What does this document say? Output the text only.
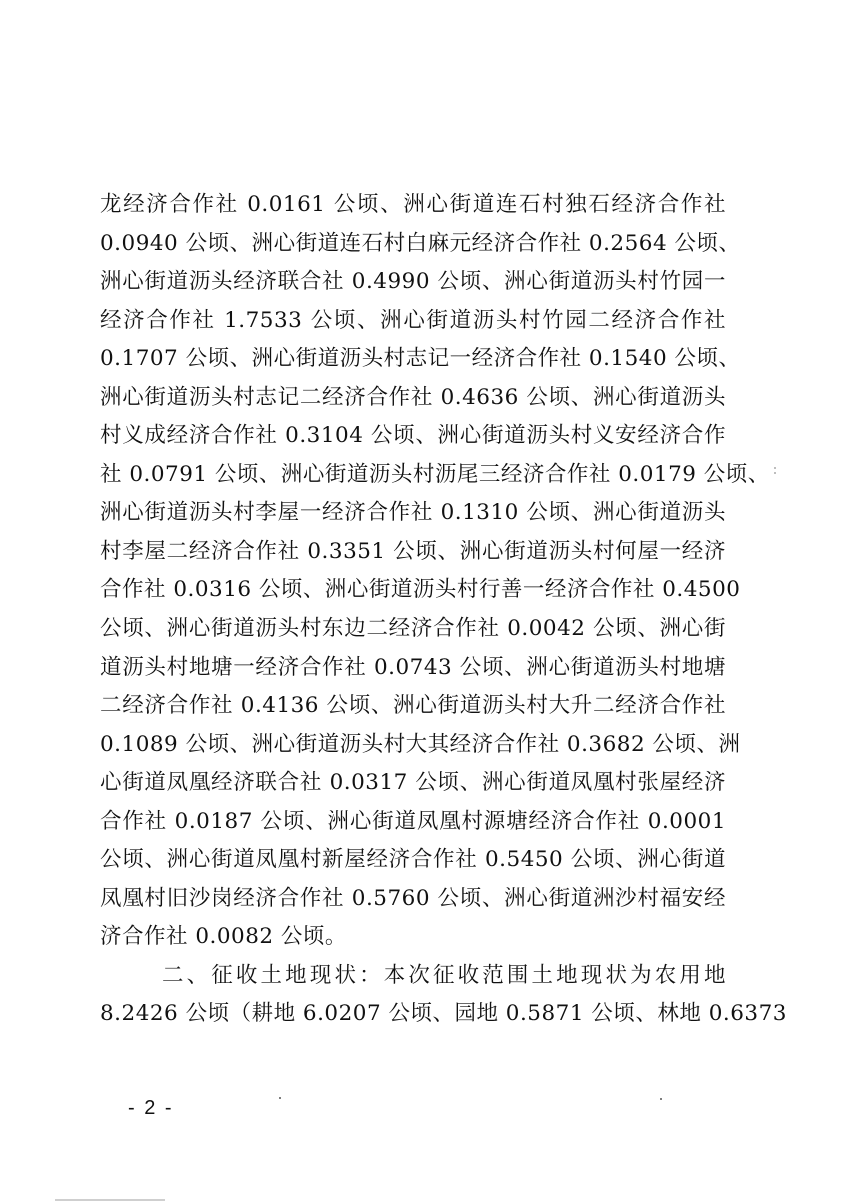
龙经济合作社 0.0161 公顷、洲心街道连石村独石经济合作社
0.0940 公顷、洲心街道连石村白麻元经济合作社 0.2564 公顷、
洲心街道沥头经济联合社 0.4990 公顷、洲心街道沥头村竹园一
经济合作社 1.7533 公顷、洲心街道沥头村竹园二经济合作社
0.1707 公顷、洲心街道沥头村志记一经济合作社 0.1540 公顷、
洲心街道沥头村志记二经济合作社 0.4636 公顷、洲心街道沥头
村义成经济合作社 0.3104 公顷、洲心街道沥头村义安经济合作
社 0.0791 公顷、洲心街道沥头村沥尾三经济合作社 0.0179 公顷、
洲心街道沥头村李屋一经济合作社 0.1310 公顷、洲心街道沥头
村李屋二经济合作社 0.3351 公顷、洲心街道沥头村何屋一经济
合作社 0.0316 公顷、洲心街道沥头村行善一经济合作社 0.4500
公顷、洲心街道沥头村东边二经济合作社 0.0042 公顷、洲心街
道沥头村地塘一经济合作社 0.0743 公顷、洲心街道沥头村地塘
二经济合作社 0.4136 公顷、洲心街道沥头村大升二经济合作社
0.1089 公顷、洲心街道沥头村大其经济合作社 0.3682 公顷、洲
心街道凤凰经济联合社 0.0317 公顷、洲心街道凤凰村张屋经济
合作社 0.0187 公顷、洲心街道凤凰村源塘经济合作社 0.0001
公顷、洲心街道凤凰村新屋经济合作社 0.5450 公顷、洲心街道
凤凰村旧沙岗经济合作社 0.5760 公顷、洲心街道洲沙村福安经
济合作社 0.0082 公顷。
二、征收土地现状：本次征收范围土地现状为农用地
8.2426 公顷（耕地 6.0207 公顷、园地 0.5871 公顷、林地 0.6373
- 2 -
